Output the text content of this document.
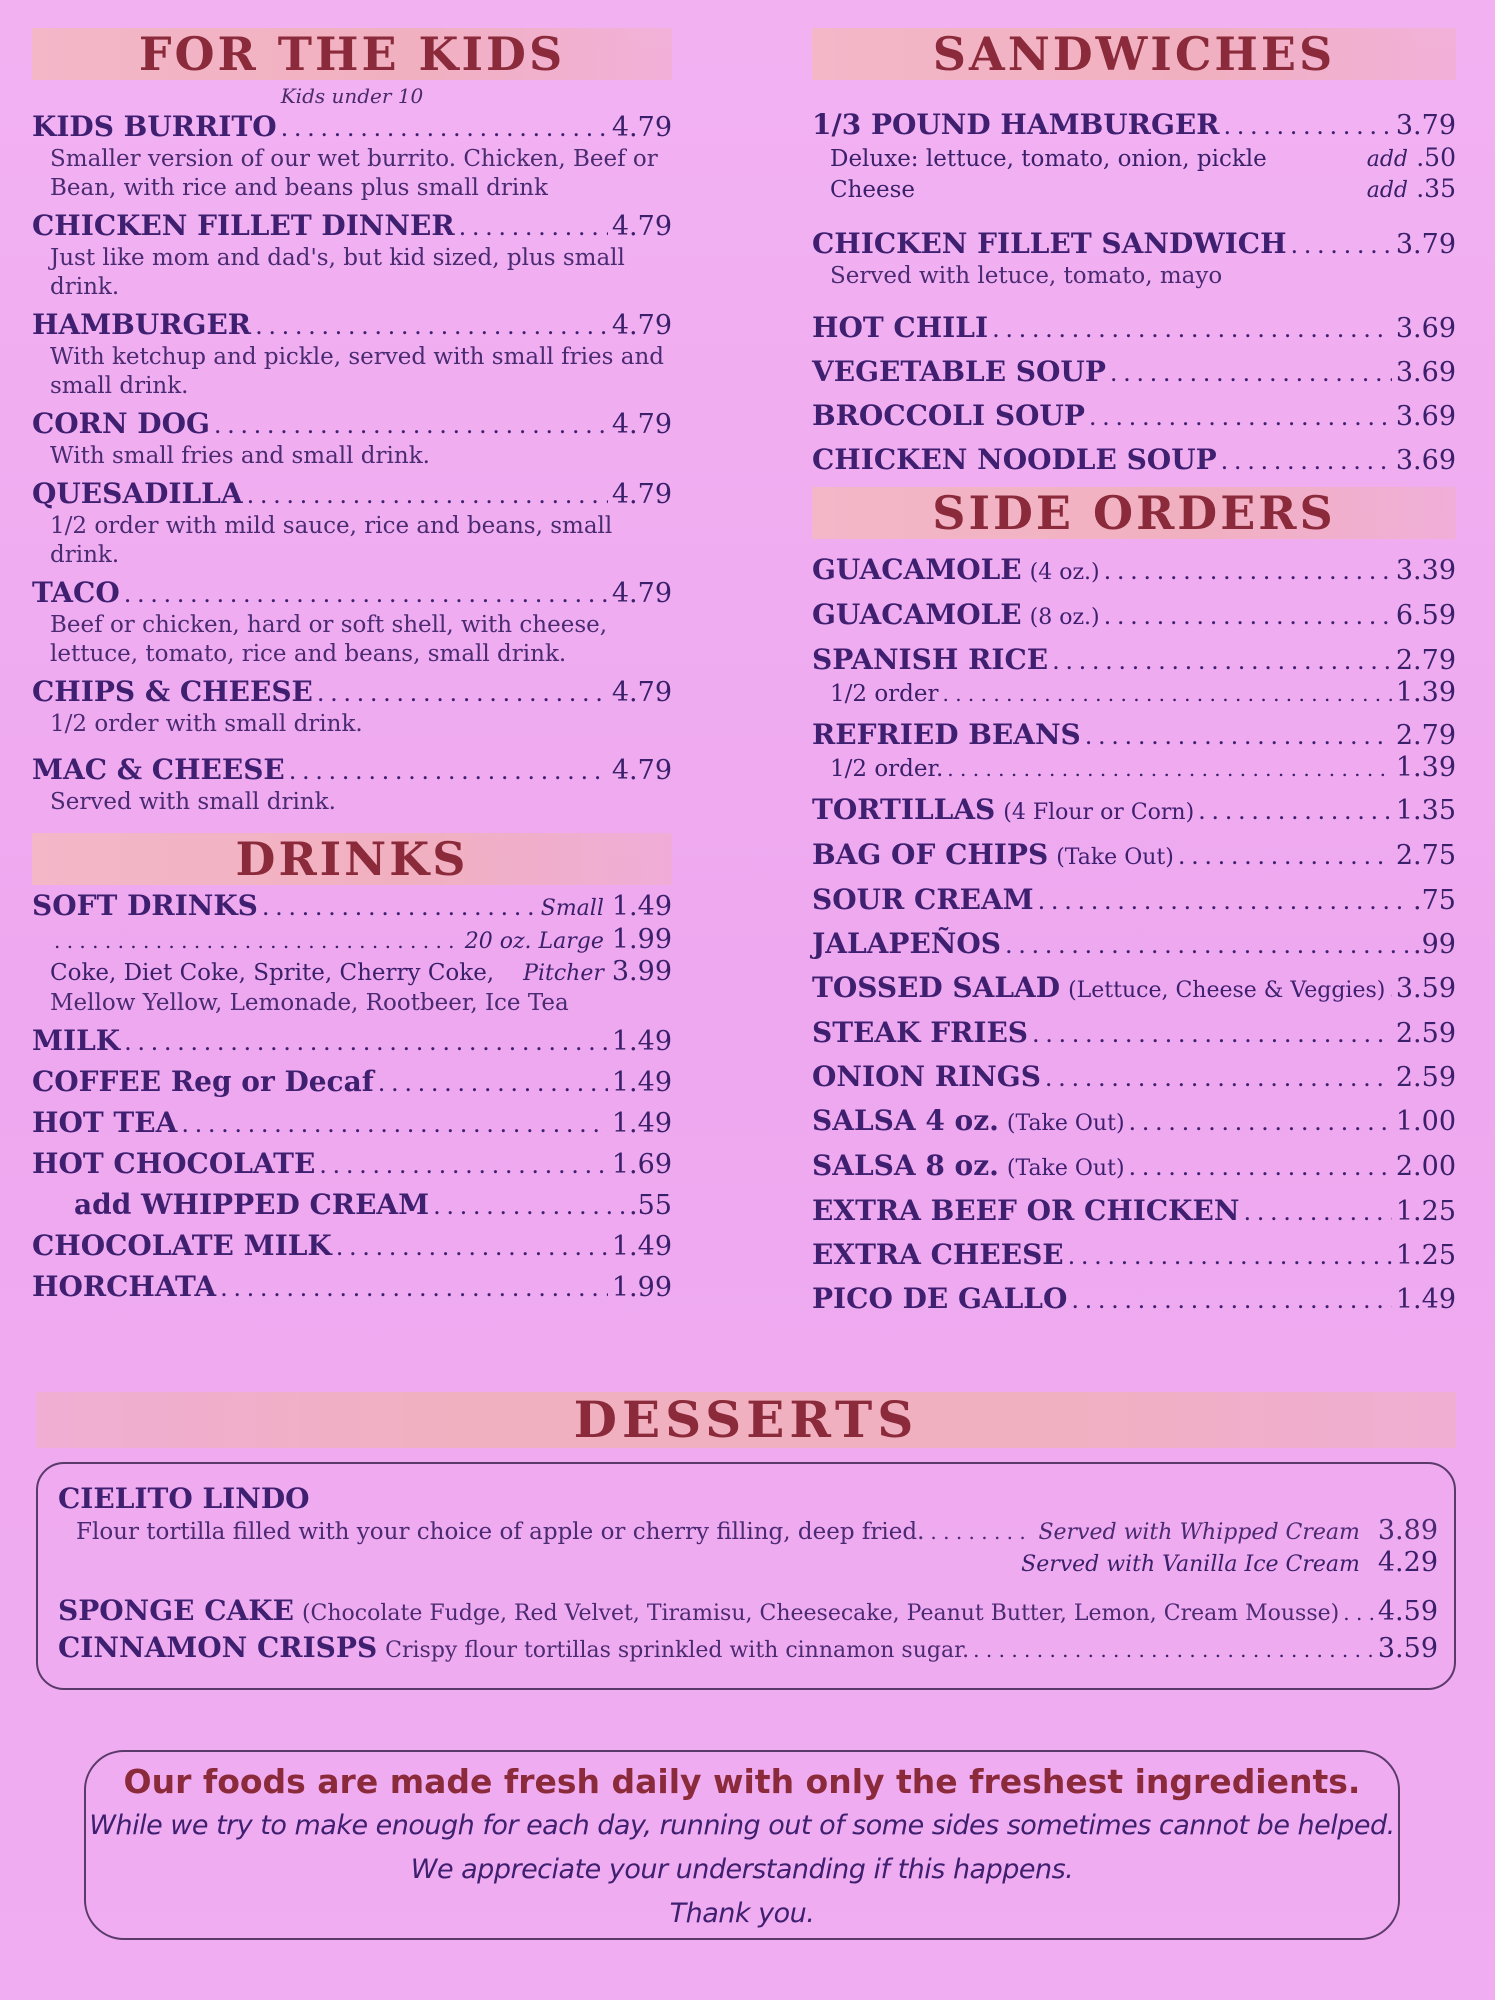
FOR THE KIDS
Kids under 10
KIDS BURRITO . . .	4.79
Smaller version of our wet burrito. Chicken, Beef or Bean, with rice and beans plus small drink
CHICKEN FILLET DINNER . . .	4.79
Just like mom and dad's, but kid sized, plus small drink.
HAMBURGER . . .	4.79
With ketchup and pickle, served with small fries and small drink.
CORN DOG . . .	4.79
With small fries and small drink.
QUESADILLA . . .	4.79
1/2 order with mild sauce, rice and beans, small drink.
TACO . . .	4.79
Beef or chicken, hard or soft shell, with cheese, lettuce, tomato, rice and beans, small drink.
CHIPS & CHEESE . . .	4.79
1/2 order with small drink.
MAC & CHEESE . . .	4.79
Served with small drink.
DRINKS
SOFT DRINKS . . .	Small 1.49
. . .
20 oz. Large 1.99
Coke, Diet Coke, Sprite, Cherry Coke,	Pitcher 3.99
Mellow Yellow, Lemonade, Rootbeer, Ice Tea
MILK . . .	1.49
COFFEE Reg or Decaf . . .	1.49
HOT TEA . . .	1.49
HOT CHOCOLATE . . .	1.69
add WHIPPED CREAM . . .	.55
CHOCOLATE MILK . . .	1.49
HORCHATA . . .	1.99
SANDWICHES
1/3 POUND HAMBURGER . . .	3.79
Deluxe: lettuce, tomato, onion, pickle	add .50
Cheese	add .35
CHICKEN FILLET SANDWICH . . .	3.79
Served with letuce, tomato, mayo
HOT CHILI . . .	3.69
VEGETABLE SOUP . . .	3.69
BROCCOLI SOUP . . .	3.69
CHICKEN NOODLE SOUP . . .	3.69
SIDE ORDERS
GUACAMOLE (4 oz.) . . .	3.39
GUACAMOLE (8 oz.) . . .	6.59
SPANISH RICE . . .	2.79
1/2 order . . .	1.39
REFRIED BEANS . . .	2.79
1/2 order. . . .	1.39
TORTILLAS (4 Flour or Corn) . . .	1.35
BAG OF CHIPS (Take Out) . . .	2.75
SOUR CREAM . . .	.75
JALAPEÑOS . . .	.99
TOSSED SALAD (Lettuce, Cheese & Veggies) . . . 3.59
STEAK FRIES . . .	2.59
ONION RINGS . . .	2.59
SALSA 4 oz. (Take Out) . . .	1.00
SALSA 8 oz. (Take Out) . . .	2.00
EXTRA BEEF OR CHICKEN . . .	1.25
EXTRA CHEESE . . .	1.25
PICO DE GALLO . . .	1.49
DESSERTS
CIELITO LINDO
Flour tortilla filled with your choice of apple or cherry filling, deep fried. . . .	Served with Whipped Cream 3.89
Served with Vanilla Ice Cream 4.29
SPONGE CAKE (Chocolate Fudge, Red Velvet, Tiramisu, Cheesecake, Peanut Butter, Lemon, Cream Mousse) . . . 4.59
CINNAMON CRISPS Crispy flour tortillas sprinkled with cinnamon sugar. . . .	3.59
Our foods are made fresh daily with only the freshest ingredients.
While we try to make enough for each day, running out of some sides sometimes cannot be helped.
We appreciate your understanding if this happens.
Thank you.
